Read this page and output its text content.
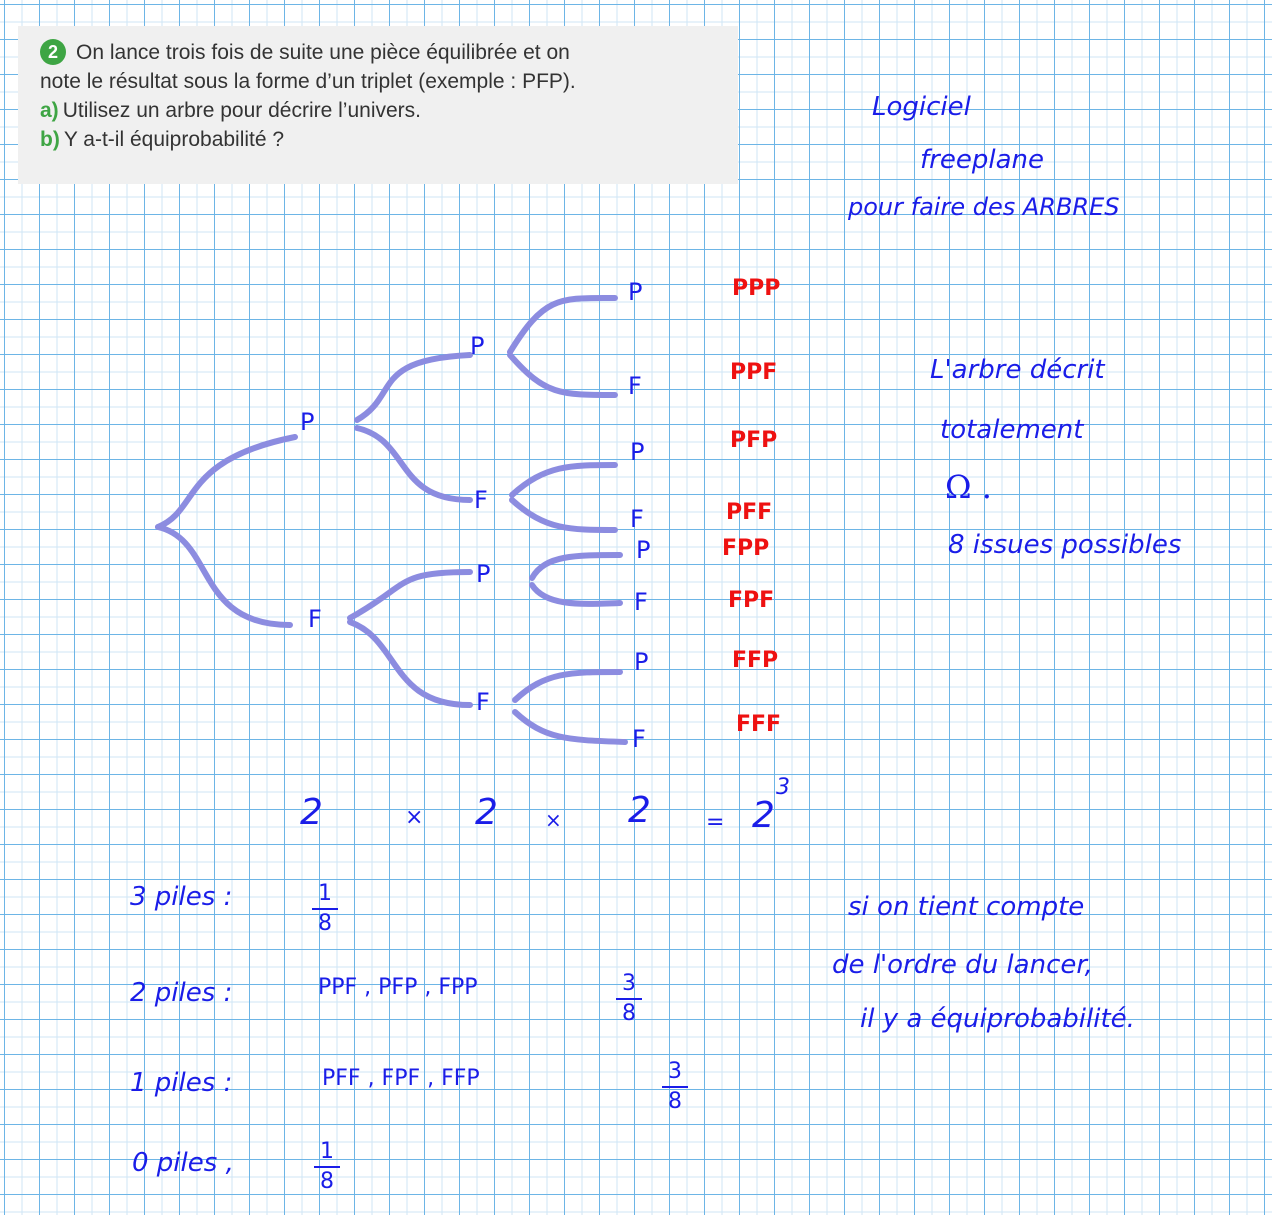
2 On lance trois fois de suite une pièce équilibrée et on
note le résultat sous la forme d’un triplet (exemple : PFP).
a) Utilisez un arbre pour décrire l’univers.
b) Y a-t-il équiprobabilité ?
Logiciel
freeplane
pour faire des ARBRES
P
F
P
F
P
F
P
F
P
F
P
F
P
F
PPP
PPF
PFP
PFF
FPP
FPF
FFP
FFF
L'arbre décrit
totalement
Ω .
8 issues possibles
2	× 2 × 2	= 2
3
3 piles :	1
8
2 piles :	PPF , PFP , FPP	3
8
1 piles :	PFF , FPF , FFP	3
8
0 piles ,	1
8
si on tient compte
de l'ordre du lancer,
il y a équiprobabilité.
